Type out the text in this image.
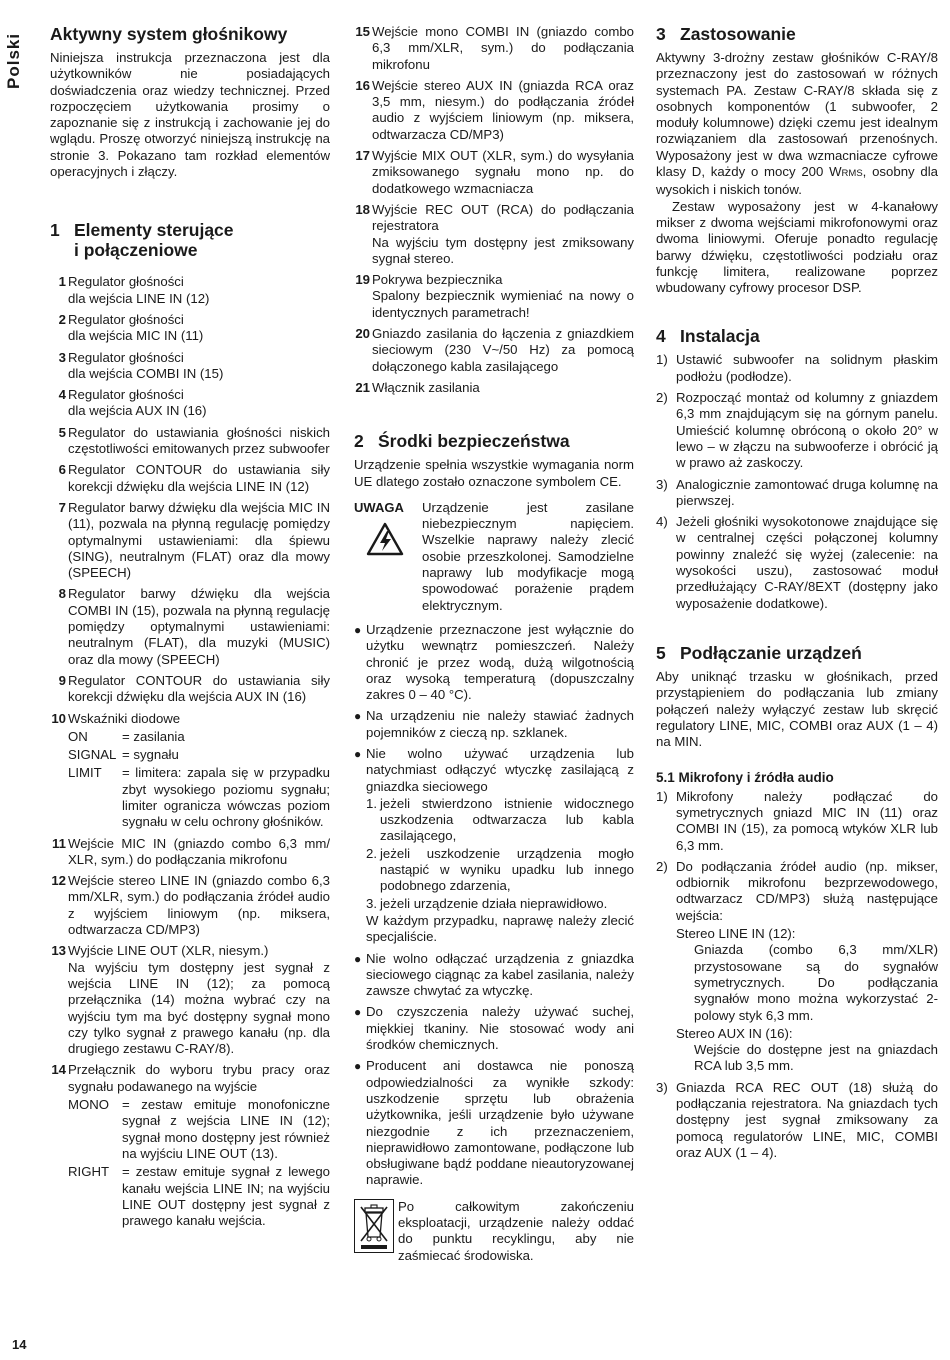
Polski
14
Aktywny system głośnikowy

Niniejsza instrukcja przeznaczona jest dla użytkowników nie posiadających doświadczenia oraz wiedzy technicznej. Przed rozpoczęciem użytkowania prosimy o zapoznanie się z instrukcją i zachowanie jej do wglądu. Proszę otworzyć niniejszą instrukcję na stronie 3. Pokazano tam rozkład elementów operacyjnych i złączy.

1 Elementy sterujące
i połączeniowe
1 Regulator głośności
dla wejścia LINE IN (12)
2 Regulator głośności
dla wejścia MIC IN (11)
3 Regulator głośności
dla wejścia COMBI IN (15)
4 Regulator głośności
dla wejścia AUX IN (16)
5 Regulator do ustawiania głośności niskich częstotliwości emitowanych przez subwoofer
6 Regulator CONTOUR do ustawiania siły korekcji dźwięku dla wejścia LINE IN (12)
7 Regulator barwy dźwięku dla wejścia MIC IN (11), pozwala na płynną regulację pomiędzy optymalnymi ustawieniami: dla śpiewu (SING), neutralnym (FLAT) oraz dla mowy (SPEECH)
8 Regulator barwy dźwięku dla wejścia COMBI IN (15), pozwala na płynną regulację pomiędzy optymalnymi ustawieniami: neutralnym (FLAT), dla muzyki (MUSIC) oraz dla mowy (SPEECH)
9 Regulator CONTOUR do ustawiania siły korekcji dźwięku dla wejścia AUX IN (16)
10 Wskaźniki diodowe
ON	= zasilania
SIGNAL = sygnału
LIMIT	= limitera: zapala się w przypadku zbyt wysokiego poziomu sygnału; limiter ogranicza wówczas poziom sygnału w celu ochrony głośników.
11 Wejście MIC IN (gniazdo combo 6,3 mm/ XLR, sym.) do podłączania mikrofonu
12 Wejście stereo LINE IN (gniazdo combo 6,3 mm/XLR, sym.) do podłączania źródeł audio z wyjściem liniowym (np. miksera, odtwarzacza CD/MP3)
13 Wyjście LINE OUT (XLR, niesym.)
Na wyjściu tym dostępny jest sygnał z wejścia LINE IN (12); za pomocą przełącznika (14) można wybrać czy na wyjściu tym ma być dostępny sygnał mono czy tylko sygnał z prawego kanału (np. dla drugiego zestawu C-RAY/8).
14 Przełącznik do wyboru trybu pracy oraz sygnału podawanego na wyjście
MONO = zestaw emituje monofoniczne sygnał z wejścia LINE IN (12); sygnał mono dostępny jest również na wyjściu LINE OUT (13).
RIGHT = zestaw emituje sygnał z lewego kanału wejścia LINE IN; na wyjściu LINE OUT dostępny jest sygnał z prawego kanału wejścia.
15 Wejście mono COMBI IN (gniazdo combo 6,3 mm/XLR, sym.) do podłączania mikrofonu
16 Wejście stereo AUX IN (gniazda RCA oraz 3,5 mm, niesym.) do podłączania źródeł audio z wyjściem liniowym (np. miksera, odtwarzacza CD/MP3)
17 Wyjście MIX OUT (XLR, sym.) do wysyłania zmiksowanego sygnału mono np. do dodatkowego wzmacniacza
18 Wyjście REC OUT (RCA) do podłączania rejestratora
Na wyjściu tym dostępny jest zmiksowany sygnał stereo.
19 Pokrywa bezpiecznika
Spalony bezpiecznik wymieniać na nowy o identycznych parametrach!
20 Gniazdo zasilania do łączenia z gniazdkiem sieciowym (230 V~/50 Hz) za pomocą dołączonego kabla zasilającego
21 Włącznik zasilania
2 Środki bezpieczeństwa

Urządzenie spełnia wszystkie wymagania norm UE dlatego zostało oznaczone symbolem CE.

UWAGA	Urządzenie jest zasilane niebezpiecznym napięciem. Wszelkie naprawy należy zlecić osobie przeszkolonej. Samodzielne naprawy lub modyfikacje mogą spowodować porażenie prądem elektrycznym.

● Urządzenie przeznaczone jest wyłącznie do użytku wewnątrz pomieszczeń. Należy chronić je przez wodą, dużą wilgotnością oraz wysoką temperaturą (dopuszczalny zakres 0 – 40 °C).
● Na urządzeniu nie należy stawiać żadnych pojemników z cieczą np. szklanek.
● Nie wolno używać urządzenia lub natychmiast odłączyć wtyczkę zasilającą z gniazdka sieciowego
1. jeżeli stwierdzono istnienie widocznego uszkodzenia odtwarzacza lub kabla zasilającego,
2. jeżeli uszkodzenie urządzenia mogło nastąpić w wyniku upadku lub innego podobnego zdarzenia,
3. jeżeli urządzenie działa nieprawidłowo.
W każdym przypadku, naprawę należy zlecić specjaliście.
● Nie wolno odłączać urządzenia z gniazdka sieciowego ciągnąc za kabel zasilania, należy zawsze chwytać za wtyczkę.
● Do czyszczenia należy używać suchej, miękkiej tkaniny. Nie stosować wody ani środków chemicznych.
● Producent ani dostawca nie ponoszą odpowiedzialności za wynikłe szkody: uszkodzenie sprzętu lub obrażenia użytkownika, jeśli urządzenie było używane niezgodnie z ich przeznaczeniem, nieprawidłowo zamontowane, podłączone lub obsługiwane bądź poddane nieautoryzowanej naprawie.

Po całkowitym zakończeniu eksploatacji, urządzenie należy oddać do punktu recyklingu, aby nie zaśmiecać środowiska.

3 Zastosowanie

Aktywny 3-drożny zestaw głośników C-RAY/8 przeznaczony jest do zastosowań w różnych systemach PA. Zestaw C-RAY/8 składa się z osobnych komponentów (1 subwoofer, 2 moduły kolumnowe) dzięki czemu jest idealnym rozwiązaniem dla zastosowań przenośnych. Wyposażony jest w dwa wzmacniacze cyfrowe klasy D, każdy o mocy 200 WRMS, osobny dla wysokich i niskich tonów.

Zestaw wyposażony jest w 4-kanałowy mikser z dwoma wejściami mikrofonowymi oraz dwoma liniowymi. Oferuje ponadto regulację barwy dźwięku, częstotliwości podziału oraz funkcję limitera, realizowane poprzez wbudowany cyfrowy procesor DSP.

4 Instalacja
1) Ustawić subwoofer na solidnym płaskim podłożu (podłodze).
2) Rozpocząć montaż od kolumny z gniazdem 6,3 mm znajdującym się na górnym panelu. Umieścić kolumnę obróconą o około 20° w lewo – w złączu na subwooferze i obrócić ją w prawo aż zaskoczy.
3) Analogicznie zamontować druga kolumnę na pierwszej.
4) Jeżeli głośniki wysokotonowe znajdujące się w centralnej części połączonej kolumny powinny znaleźć się wyżej (zalecenie: na wysokości uszu), zastosować moduł przedłużający C-RAY/8EXT (dostępny jako wyposażenie dodatkowe).
5 Podłączanie urządzeń

Aby uniknąć trzasku w głośnikach, przed przystąpieniem do podłączania lub zmiany połączeń należy wyłączyć zestaw lub skręcić regulatory LINE, MIC, COMBI oraz AUX (1 – 4) na MIN.

5.1 Mikrofony i źródła audio
1) Mikrofony należy podłączać do symetrycznych gniazd MIC IN (11) oraz COMBI IN (15), za pomocą wtyków XLR lub 6,3 mm.
2) Do podłączania źródeł audio (np. mikser, odbiornik mikrofonu bezprzewodowego, odtwarzacz CD/MP3) służą następujące wejścia:
Stereo LINE IN (12):
Gniazda (combo 6,3 mm/XLR) przystosowane są do sygnałów symetrycznych. Do podłączania sygnałów mono można wykorzystać 2-polowy styk 6,3 mm.
Stereo AUX IN (16):
Wejście do dostępne jest na gniazdach RCA lub 3,5 mm.
3) Gniazda RCA REC OUT (18) służą do podłączania rejestratora. Na gniazdach tych dostępny jest sygnał zmiksowany za pomocą regulatorów LINE, MIC, COMBI oraz AUX (1 – 4).
